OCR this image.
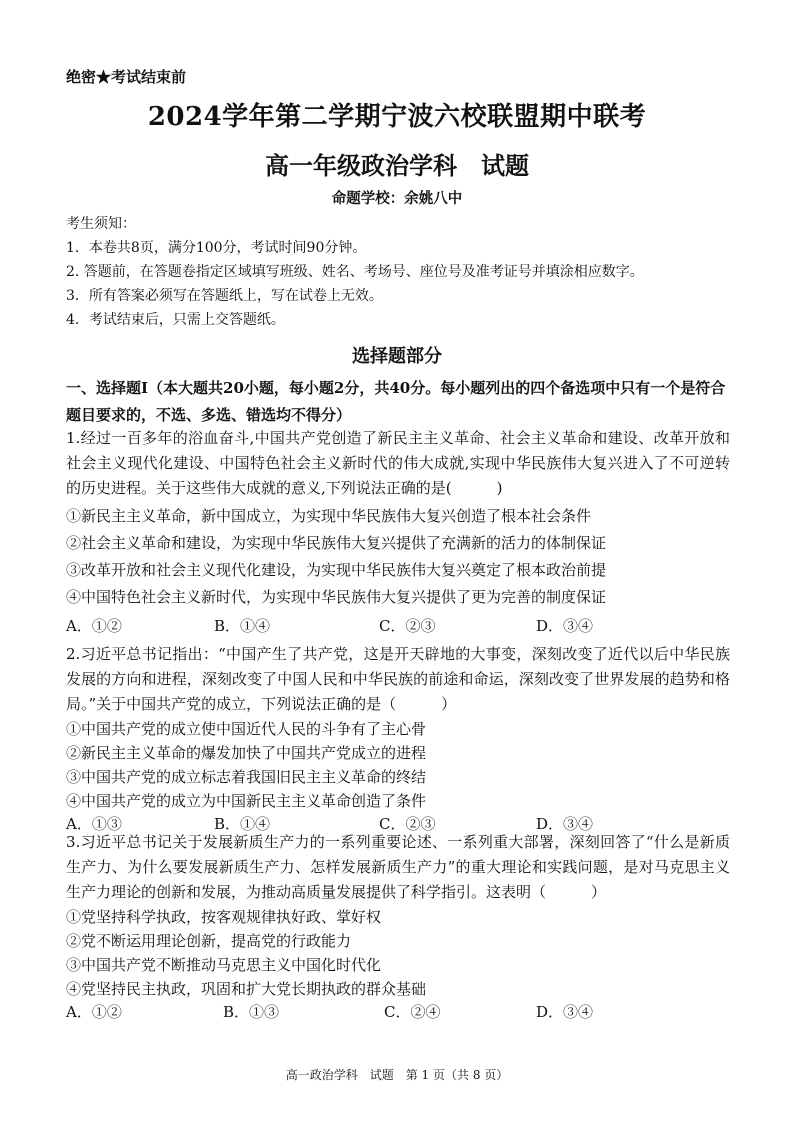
绝密★考试结束前
2024学年第二学期宁波六校联盟期中联考
高一年级政治学科　试题
命题学校：余姚八中
考生须知：
1．本卷共8页，满分100分，考试时间90分钟。
2. 答题前，在答题卷指定区域填写班级、姓名、考场号、座位号及准考证号并填涂相应数字。
3．所有答案必须写在答题纸上，写在试卷上无效。
4．考试结束后，只需上交答题纸。
选择题部分
一、选择题Ⅰ（本大题共20小题，每小题2分，共40分。每小题列出的四个备选项中只有一个是符合题目要求的，不选、多选、错选均不得分）
1.经过一百多年的浴血奋斗,中国共产党创造了新民主主义革命、社会主义革命和建设、改革开放和社会主义现代化建设、中国特色社会主义新时代的伟大成就,实现中华民族伟大复兴进入了不可逆转的历史进程。关于这些伟大成就的意义,下列说法正确的是(　　　)
①新民主主义革命，新中国成立，为实现中华民族伟大复兴创造了根本社会条件
②社会主义革命和建设，为实现中华民族伟大复兴提供了充满新的活力的体制保证
③改革开放和社会主义现代化建设，为实现中华民族伟大复兴奠定了根本政治前提
④中国特色社会主义新时代，为实现中华民族伟大复兴提供了更为完善的制度保证
A．①②	B．①④	C．②③	D．③④
2.习近平总书记指出：“中国产生了共产党，这是开天辟地的大事变，深刻改变了近代以后中华民族发展的方向和进程，深刻改变了中国人民和中华民族的前途和命运，深刻改变了世界发展的趋势和格局。”关于中国共产党的成立，下列说法正确的是（　　　）
①中国共产党的成立使中国近代人民的斗争有了主心骨
②新民主主义革命的爆发加快了中国共产党成立的进程
③中国共产党的成立标志着我国旧民主主义革命的终结
④中国共产党的成立为中国新民主主义革命创造了条件
A．①③	B．①④	C．②③	D．③④
3.习近平总书记关于发展新质生产力的一系列重要论述、一系列重大部署，深刻回答了“什么是新质生产力、为什么要发展新质生产力、怎样发展新质生产力”的重大理论和实践问题，是对马克思主义生产力理论的创新和发展，为推动高质量发展提供了科学指引。这表明（　　　）
①党坚持科学执政，按客观规律执好政、掌好权
②党不断运用理论创新，提高党的行政能力
③中国共产党不断推动马克思主义中国化时代化
④党坚持民主执政，巩固和扩大党长期执政的群众基础
A．①②	B．①③	C．②④	D．③④
高一政治学科　试题　第 1 页（共 8 页）
